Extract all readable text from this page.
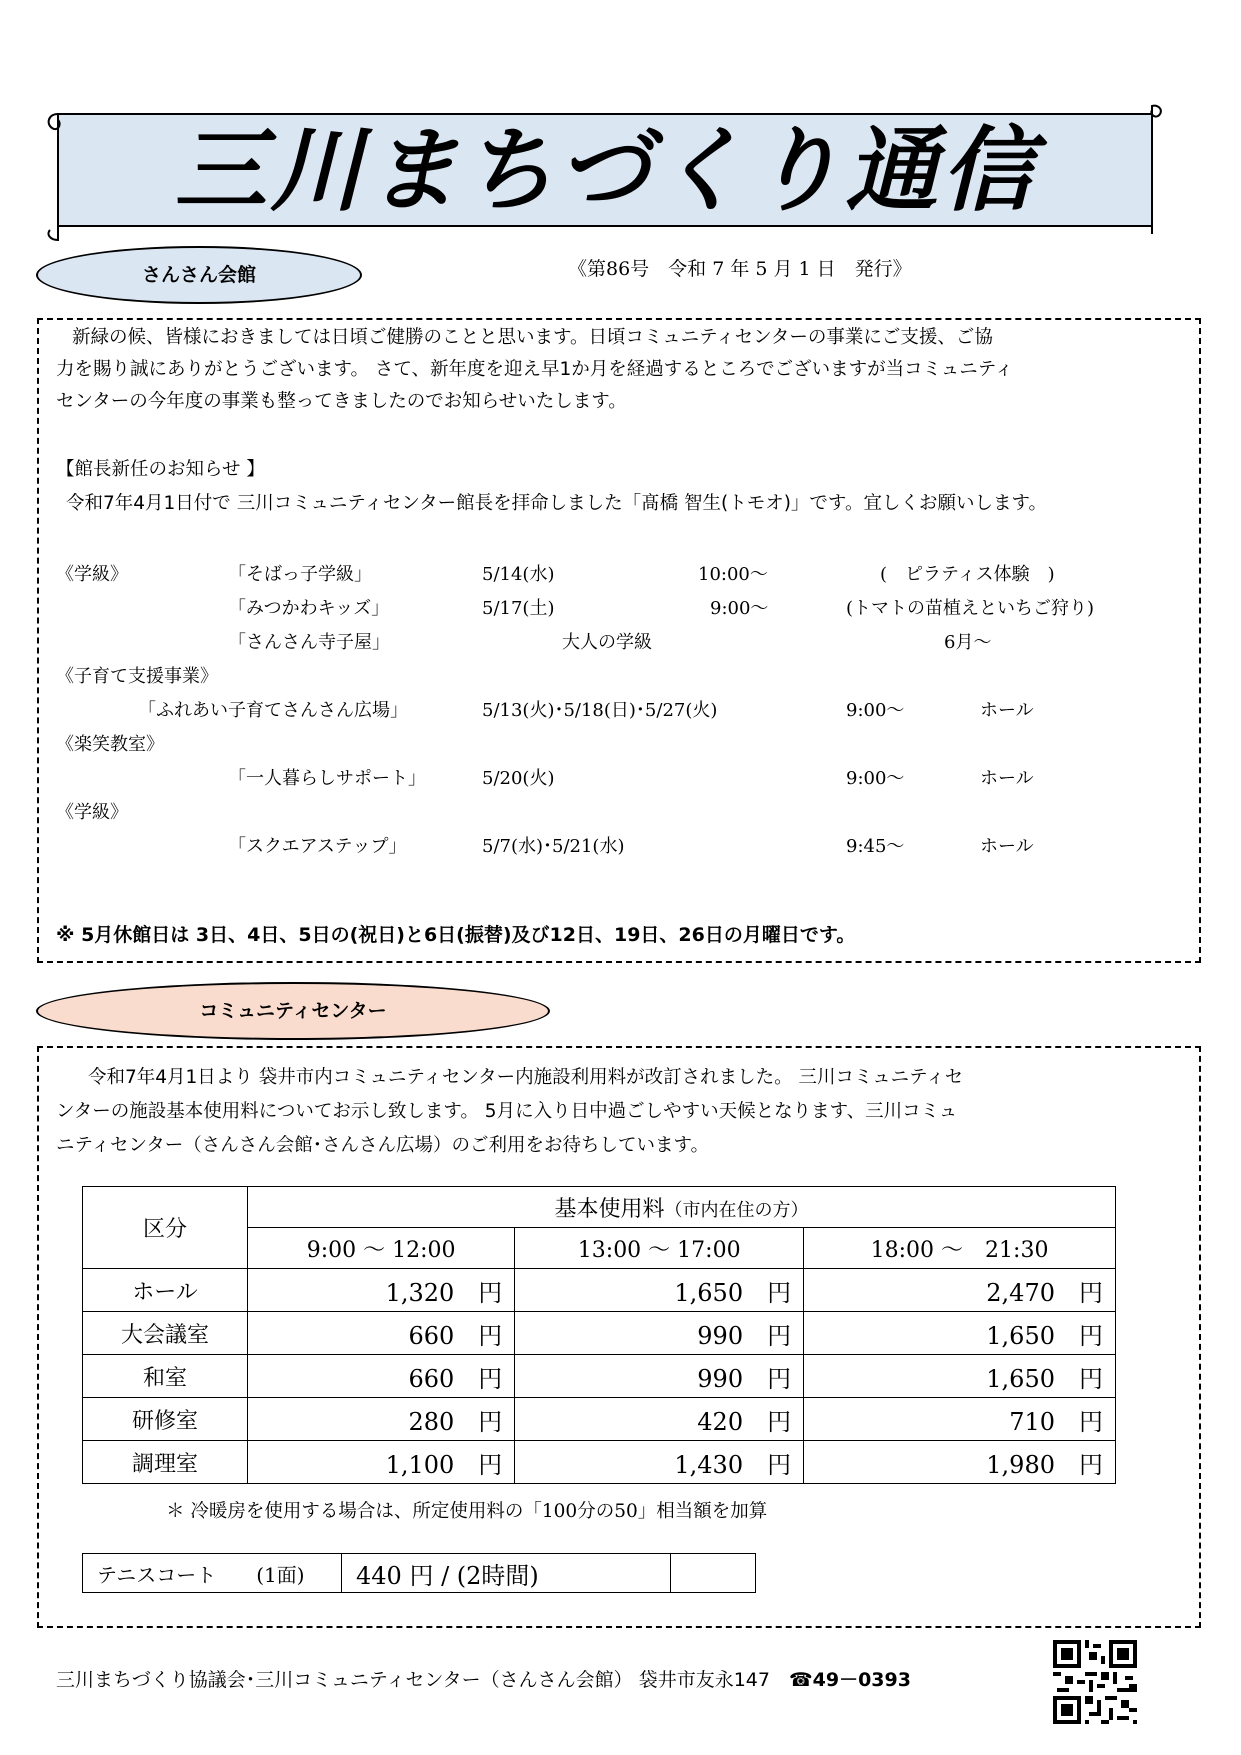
三川まちづくり通信
さんさん会館	《第86号　令和 7 年 5 月 1 日　発行》
新緑の候、皆様におきましては日頃ご健勝のことと思います。日頃コミュニティセンターの事業にご支援、ご協
力を賜り誠にありがとうございます。 さて、新年度を迎え早1か月を経過するところでございますが当コミュニティ
センターの今年度の事業も整ってきましたのでお知らせいたします。
【館長新任のお知らせ 】
令和7年4月1日付で 三川コミュニティセンター館長を拝命しました「髙橋 智生(トモオ)」です。宜しくお願いします。
《学級》	「そばっ子学級」	5/14(水)	10:00～	(　ピラティス体験　)
「みつかわキッズ」	5/17(土)	9:00～	(トマトの苗植えといちご狩り)
「さんさん寺子屋」	大人の学級	6月～
《子育て支援事業》
「ふれあい子育てさんさん広場」	5/13(火)･5/18(日)･5/27(火)	9:00～	ホール
《楽笑教室》
「一人暮らしサポート」	5/20(火)	9:00～	ホール
《学級》
「スクエアステップ」	5/7(水)･5/21(水)	9:45～	ホール
※ 5月休館日は 3日、4日、5日の(祝日)と6日(振替)及び12日、19日、26日の月曜日です。
コミュニティセンター
令和7年4月1日より 袋井市内コミュニティセンター内施設利用料が改訂されました。 三川コミュニティセ
ンターの施設基本使用料についてお示し致します。 5月に入り日中過ごしやすい天候となります、三川コミュ
ニティセンター（さんさん会館･さんさん広場）のご利用をお待ちしています。
区分	基本使用料（市内在住の方）		
	9:00 ～ 12:00	13:00 ～ 17:00	18:00 ～　21:30
ホール	1,320　 円	1,650　 円	2,470　 円
大会議室	660　 円	990　 円	1,650　 円
和室	660　 円	990　 円	1,650　 円
研修室	280　 円	420　 円	710　 円
調理室	1,100　 円	1,430　 円	1,980　 円
＊ 冷暖房を使用する場合は、所定使用料の「100分の50」相当額を加算
テニスコート　　 (1面)	440 円 / (2時間)	
三川まちづくり協議会･三川コミュニティセンター（さんさん会館） 袋井市友永147　 ☎49－0393
